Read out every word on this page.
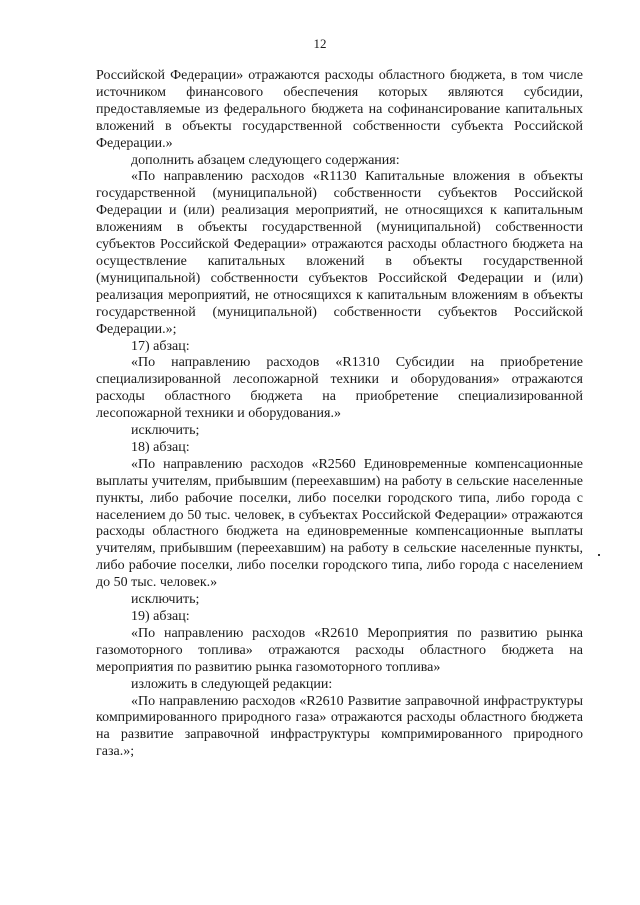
12

Российской Федерации» отражаются расходы областного бюджета, в том числе источником финансового обеспечения которых являются субсидии, предоставляемые из федерального бюджета на софинансирование капитальных вложений в объекты государственной собственности субъекта Российской Федерации.»

дополнить абзацем следующего содержания:

«По направлению расходов «R1130 Капитальные вложения в объекты государственной (муниципальной) собственности субъектов Российской Федерации и (или) реализация мероприятий, не относящихся к капитальным вложениям в объекты государственной (муниципальной) собственности субъектов Российской Федерации» отражаются расходы областного бюджета на осуществление капитальных вложений в объекты государственной (муниципальной) собственности субъектов Российской Федерации и (или) реализация мероприятий, не относящихся к капитальным вложениям в объекты государственной (муниципальной) собственности субъектов Российской Федерации.»;

17) абзац:

«По направлению расходов «R1310 Субсидии на приобретение специализированной лесопожарной техники и оборудования» отражаются расходы областного бюджета на приобретение специализированной лесопожарной техники и оборудования.»

исключить;

18) абзац:

«По направлению расходов «R2560 Единовременные компенсационные выплаты учителям, прибывшим (переехавшим) на работу в сельские населенные пункты, либо рабочие поселки, либо поселки городского типа, либо города с населением до 50 тыс. человек, в субъектах Российской Федерации» отражаются расходы областного бюджета на единовременные компенсационные выплаты учителям, прибывшим (переехавшим) на работу в сельские населенные пункты, либо рабочие поселки, либо поселки городского типа, либо города с населением до 50 тыс. человек.»

исключить;

19) абзац:

«По направлению расходов «R2610 Мероприятия по развитию рынка газомоторного топлива» отражаются расходы областного бюджета на мероприятия по развитию рынка газомоторного топлива»

изложить в следующей редакции:

«По направлению расходов «R2610 Развитие заправочной инфраструктуры компримированного природного газа» отражаются расходы областного бюджета на развитие заправочной инфраструктуры компримированного природного газа.»;
